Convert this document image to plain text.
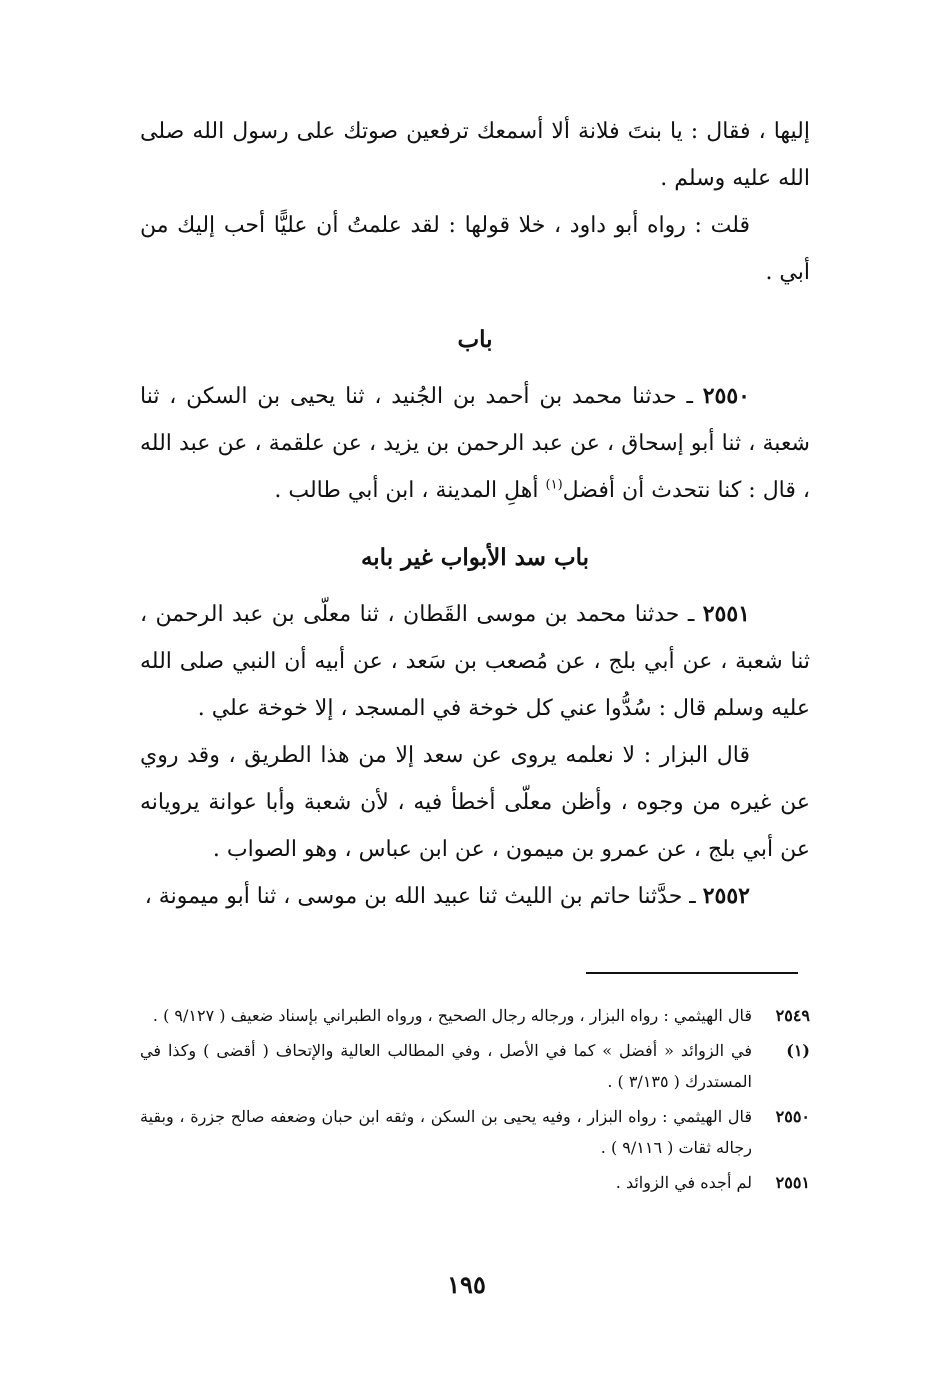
إليها ، فقال : يا بنتَ فلانة ألا أسمعك ترفعين صوتك على رسول الله صلى الله عليه وسلم .

قلت : رواه أبو داود ، خلا قولها : لقد علمتُ أن عليًّا أحب إليك من أبي .

باب

٢٥٥٠ ـ حدثنا محمد بن أحمد بن الجُنيد ، ثنا يحيى بن السكن ، ثنا شعبة ، ثنا أبو إسحاق ، عن عبد الرحمن بن يزيد ، عن علقمة ، عن عبد الله ، قال : كنا نتحدث أن أفضل$^{(١)}$ أهلِ المدينة ، ابن أبي طالب .

باب سد الأبواب غير بابه

٢٥٥١ ـ حدثنا محمد بن موسى القَطان ، ثنا معلّى بن عبد الرحمن ، ثنا شعبة ، عن أبي بلج ، عن مُصعب بن سَعد ، عن أبيه أن النبي صلى الله عليه وسلم قال : سُدُّوا عني كل خوخة في المسجد ، إلا خوخة علي .

قال البزار : لا نعلمه يروى عن سعد إلا من هذا الطريق ، وقد روي عن غيره من وجوه ، وأظن معلّى أخطأ فيه ، لأن شعبة وأبا عوانة يرويانه عن أبي بلج ، عن عمرو بن ميمون ، عن ابن عباس ، وهو الصواب .

٢٥٥٢ ـ حدَّثنا حاتم بن الليث ثنا عبيد الله بن موسى ، ثنا أبو ميمونة ،

٢٥٤٩
قال الهيثمي : رواه البزار ، ورجاله رجال الصحيح ، ورواه الطبراني بإسناد ضعيف ( ٩/١٢٧ ) .
(١)
في الزوائد « أفضل » كما في الأصل ، وفي المطالب العالية والإتحاف ( أقضى ) وكذا في المستدرك ( ٣/١٣٥ ) .
٢٥٥٠
قال الهيثمي : رواه البزار ، وفيه يحيى بن السكن ، وثقه ابن حبان وضعفه صالح جزرة ، وبقية رجاله ثقات ( ٩/١١٦ ) .
٢٥٥١
لم أجده في الزوائد .
١٩٥
